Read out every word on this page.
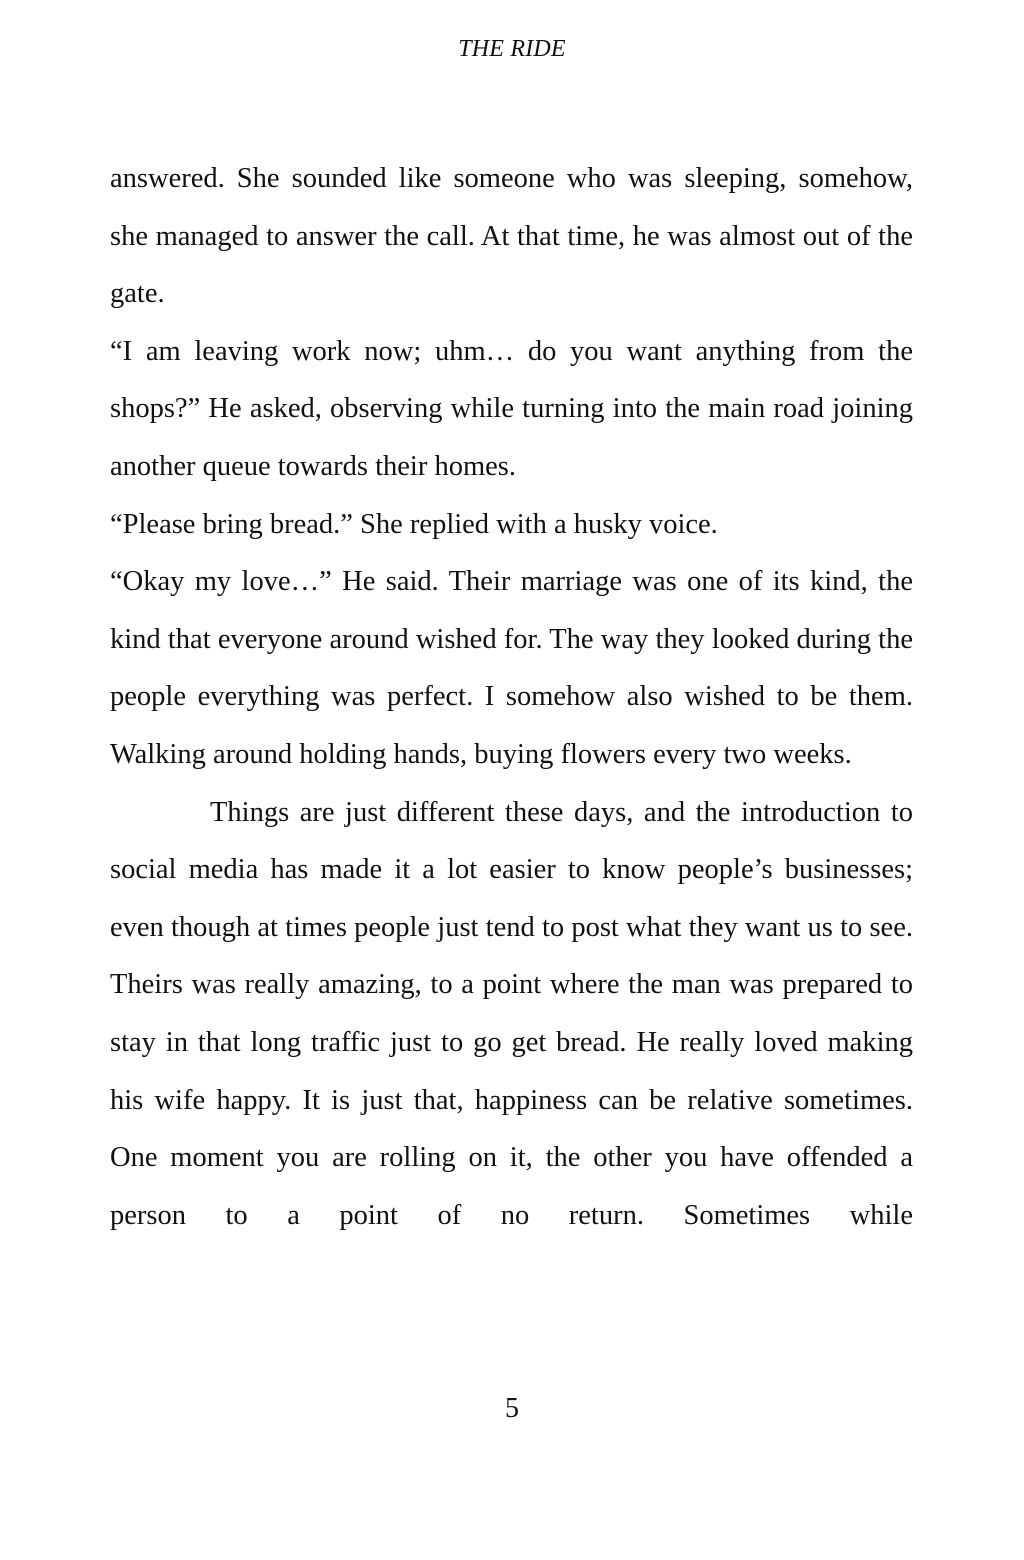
THE RIDE

answered. She sounded like someone who was sleeping, somehow, she managed to answer the call. At that time, he was almost out of the gate.

“I am leaving work now; uhm… do you want anything from the shops?” He asked, observing while turning into the main road joining another queue towards their homes.

“Please bring bread.” She replied with a husky voice.

“Okay my love…” He said. Their marriage was one of its kind, the kind that everyone around wished for. The way they looked during the people everything was perfect. I somehow also wished to be them. Walking around holding hands, buying flowers every two weeks.

Things are just different these days, and the introduction to social media has made it a lot easier to know people’s businesses; even though at times people just tend to post what they want us to see. Theirs was really amazing, to a point where the man was prepared to stay in that long traffic just to go get bread. He really loved making his wife happy. It is just that, happiness can be relative sometimes. One moment you are rolling on it, the other you have offended a person to a point of no return. Sometimes while

5
